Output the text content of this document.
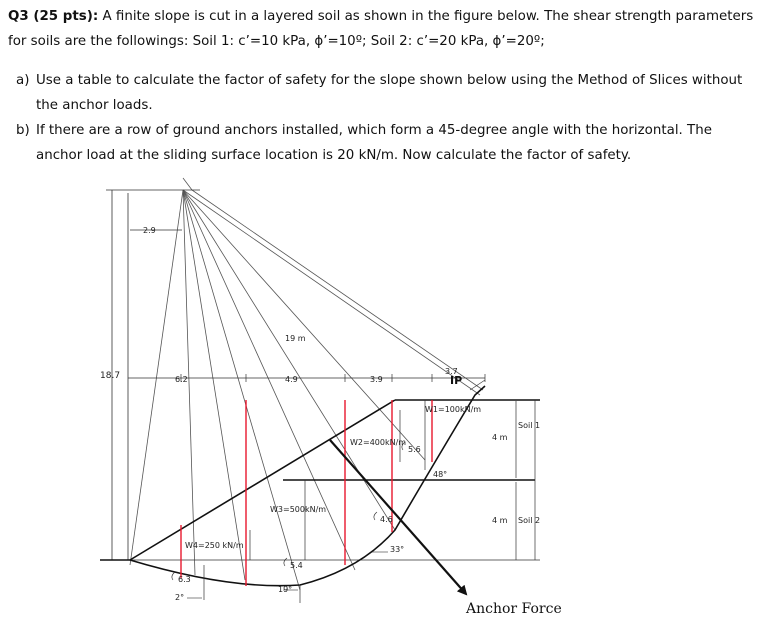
Q3 (25 pts): A finite slope is cut in a layered soil as shown in the figure below. The shear strength parameters for soils are the followings: Soil 1: c’=10 kPa, ϕ’=10º; Soil 2: c’=20 kPa, ϕ’=20º;
a) Use a table to calculate the factor of safety for the slope shown below using the Method of Slices without the anchor loads.
b) If there are a row of ground anchors installed, which form a 45-degree angle with the horizontal. The anchor load at the sliding surface location is 20 kN/m. Now calculate the factor of safety.
18.7
2.9
6.2	4.9	3.9
3.7
IP
19 m
Soil 1
Soil 2
4 m
4 m
Anchor Force
W1=100kN/m
W2=400kN/m
W3=500kN/m
W4=250 kN/m
48°
33°
19°
2°
5.6
4.6
5.4
6.3
